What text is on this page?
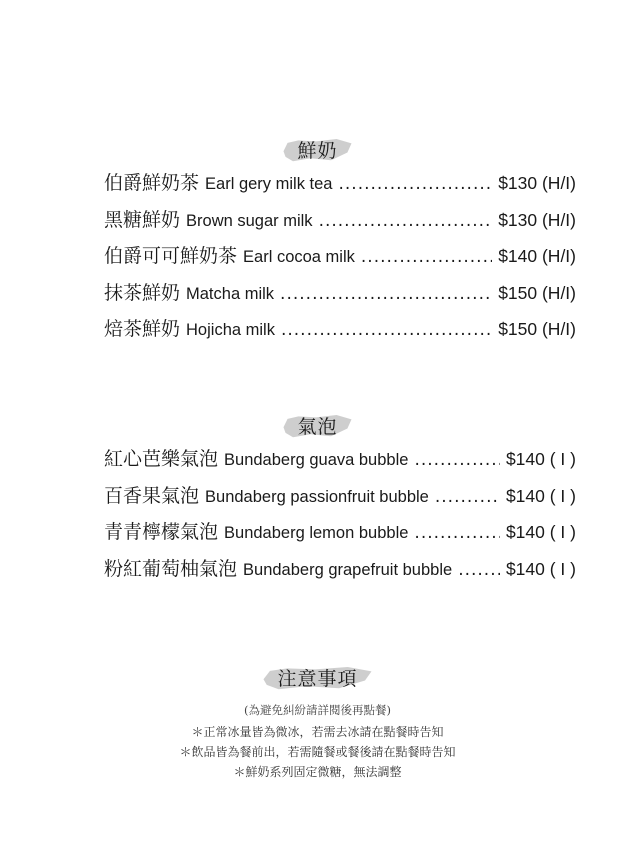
鮮奶
伯爵鮮奶茶 Earl gery milk tea .....	$130 (H/I)
黑糖鮮奶 Brown sugar milk .....	$130 (H/I)
伯爵可可鮮奶茶 Earl cocoa milk .....	$140 (H/I)
抹茶鮮奶 Matcha milk .....	$150 (H/I)
焙茶鮮奶 Hojicha milk .....	$150 (H/I)
氣泡
紅心芭樂氣泡 Bundaberg guava bubble .....	$140 ( I )
百香果氣泡 Bundaberg passionfruit bubble .....	$140 ( I )
青青檸檬氣泡 Bundaberg lemon bubble .....	$140 ( I )
粉紅葡萄柚氣泡 Bundaberg grapefruit bubble .....	$140 ( I )
注意事項
(為避免糾紛請詳閱後再點餐)
＊正常冰量皆為微冰，若需去冰請在點餐時告知
＊飲品皆為餐前出，若需隨餐或餐後請在點餐時告知
＊鮮奶系列固定微糖，無法調整
